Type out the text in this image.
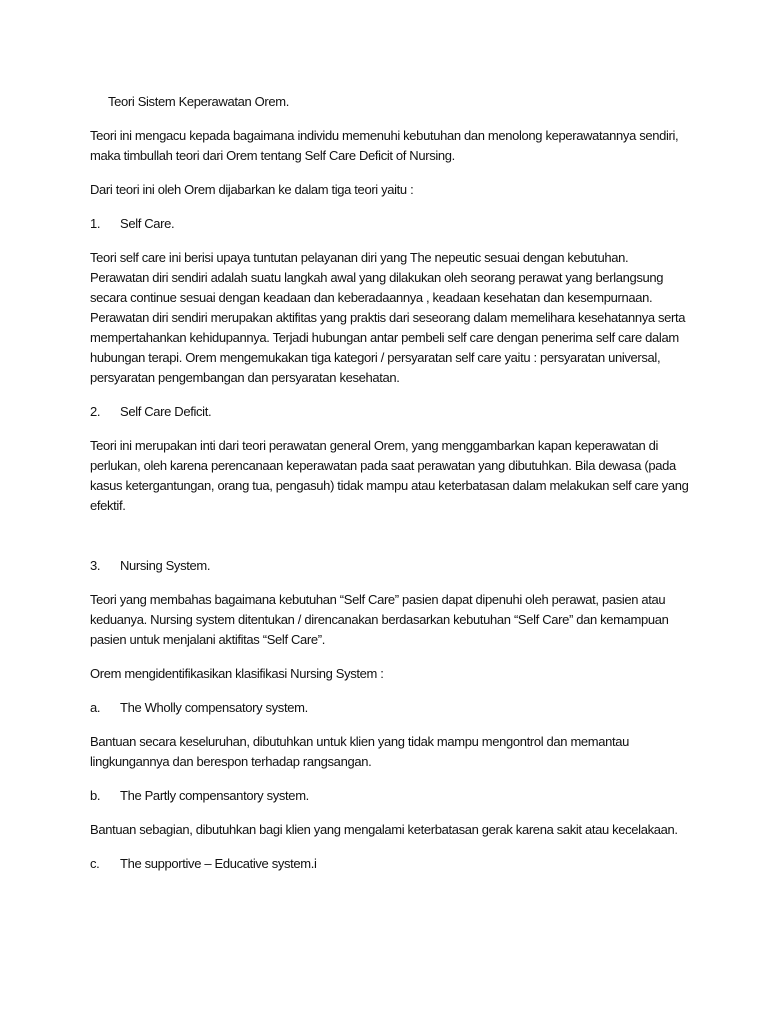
Teori Sistem Keperawatan Orem.

Teori ini mengacu kepada bagaimana individu memenuhi kebutuhan dan menolong keperawatannya sendiri, maka timbullah teori dari Orem tentang Self Care Deficit of Nursing.

Dari teori ini oleh Orem dijabarkan ke dalam tiga teori yaitu :

1. Self Care.

Teori self care ini berisi upaya tuntutan pelayanan diri yang The nepeutic sesuai dengan kebutuhan. Perawatan diri sendiri adalah suatu langkah awal yang dilakukan oleh seorang perawat yang berlangsung secara continue sesuai dengan keadaan dan keberadaannya , keadaan kesehatan dan kesempurnaan. Perawatan diri sendiri merupakan aktifitas yang praktis dari seseorang dalam memelihara kesehatannya serta mempertahankan kehidupannya. Terjadi hubungan antar pembeli self care dengan penerima self care dalam hubungan terapi. Orem mengemukakan tiga kategori / persyaratan self care yaitu : persyaratan universal, persyaratan pengembangan dan persyaratan kesehatan.

2. Self Care Deficit.

Teori ini merupakan inti dari teori perawatan general Orem, yang menggambarkan kapan keperawatan di perlukan, oleh karena perencanaan keperawatan pada saat perawatan yang dibutuhkan. Bila dewasa (pada kasus ketergantungan, orang tua, pengasuh) tidak mampu atau keterbatasan dalam melakukan self care yang efektif.

3. Nursing System.

Teori yang membahas bagaimana kebutuhan “Self Care” pasien dapat dipenuhi oleh perawat, pasien atau keduanya. Nursing system ditentukan / direncanakan berdasarkan kebutuhan “Self Care” dan kemampuan pasien untuk menjalani aktifitas “Self Care”.

Orem mengidentifikasikan klasifikasi Nursing System :

a. The Wholly compensatory system.

Bantuan secara keseluruhan, dibutuhkan untuk klien yang tidak mampu mengontrol dan memantau lingkungannya dan berespon terhadap rangsangan.

b. The Partly compensantory system.

Bantuan sebagian, dibutuhkan bagi klien yang mengalami keterbatasan gerak karena sakit atau kecelakaan.

c. The supportive – Educative system.i
